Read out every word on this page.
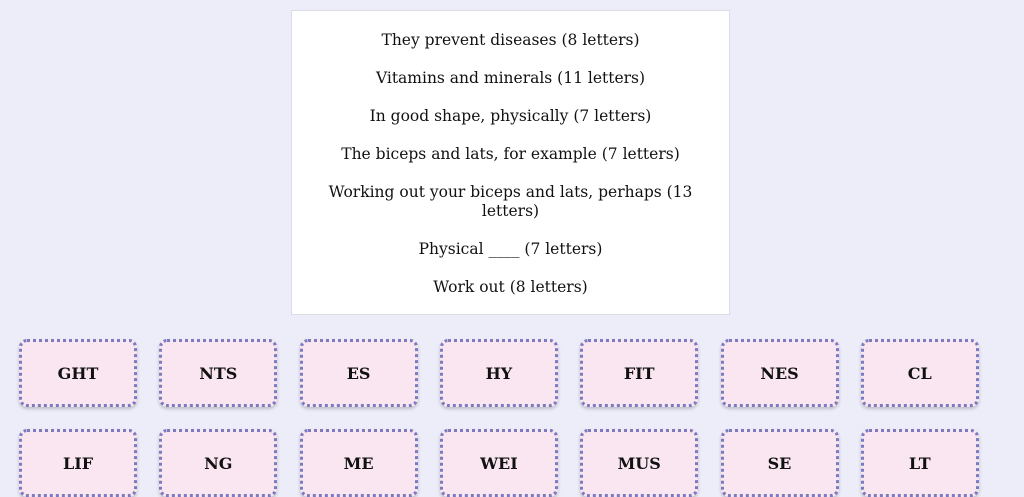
They prevent diseases (8 letters)
Vitamins and minerals (11 letters)
In good shape, physically (7 letters)
The biceps and lats, for example (7 letters)
Working out your biceps and lats, perhaps (13 letters)
Physical ____ (7 letters)
Work out (8 letters)
GHT	NTS	ES	HY	FIT	NES	CL
LIF	NG	ME	WEI	MUS	SE	LT
